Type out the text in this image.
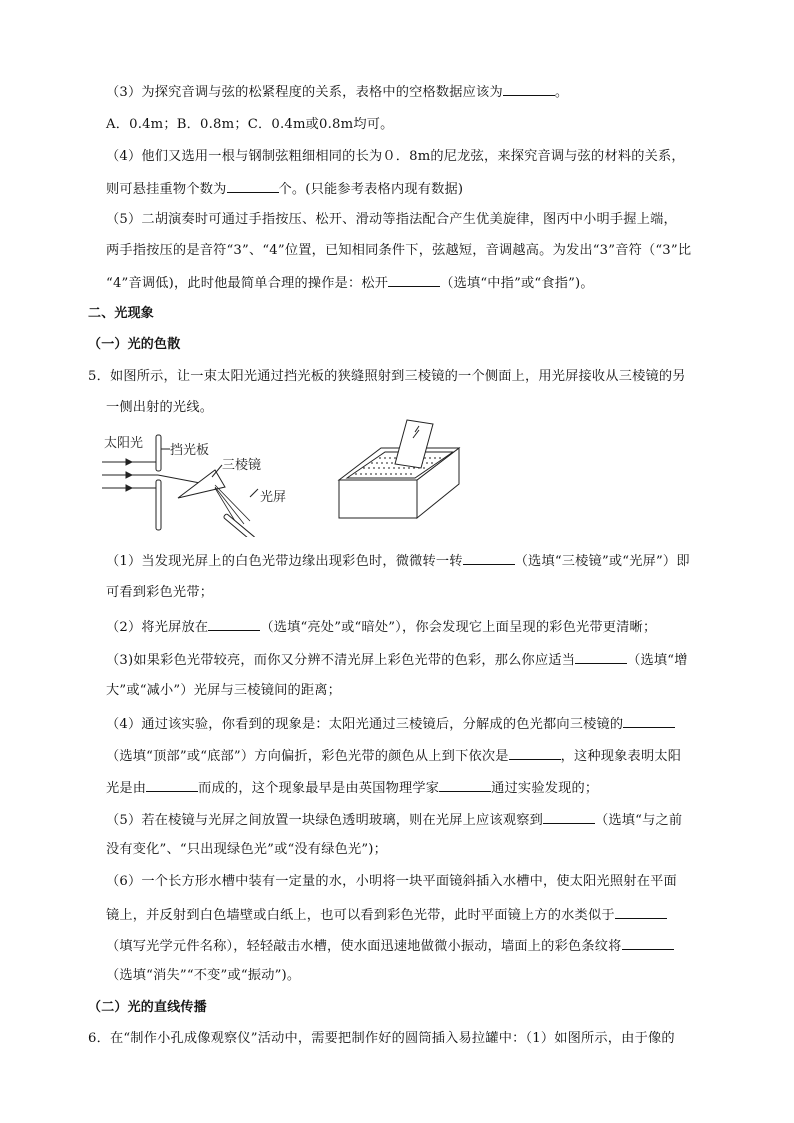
（3）为探究音调与弦的松紧程度的关系，表格中的空格数据应该为	。
A．0.4m；B．0.8m；C．0.4m或0.8m均可。
（4）他们又选用一根与钢制弦粗细相同的长为０．8m的尼龙弦，来探究音调与弦的材料的关系，
则可悬挂重物个数为	个。(只能参考表格内现有数据)
（5）二胡演奏时可通过手指按压、松开、滑动等指法配合产生优美旋律，图丙中小明手握上端，
两手指按压的是音符“3”、“4”位置，已知相同条件下，弦越短，音调越高。为发出“3”音符（“3”比
“4”音调低)，此时他最简单合理的操作是：松开	（选填“中指”或“食指”)。
二、光现象
（一）光的色散
5．如图所示，让一束太阳光通过挡光板的狭缝照射到三棱镜的一个侧面上，用光屏接收从三棱镜的另
一侧出射的光线。
太阳光 挡光板
三棱镜
光屏
（1）当发现光屏上的白色光带边缘出现彩色时，微微转一转	（选填“三棱镜”或“光屏”）即
可看到彩色光带；
（2）将光屏放在	（选填“亮处”或“暗处”），你会发现它上面呈现的彩色光带更清晰；
（3)如果彩色光带较亮，而你又分辨不清光屏上彩色光带的色彩，那么你应适当	（选填“增
大”或“减小”）光屏与三棱镜间的距离；
（4）通过该实验，你看到的现象是：太阳光通过三棱镜后，分解成的色光都向三棱镜的
（选填“顶部”或“底部”）方向偏折，彩色光带的颜色从上到下依次是	，这种现象表明太阳
光是由	而成的，这个现象最早是由英国物理学家	通过实验发现的；
（5）若在棱镜与光屏之间放置一块绿色透明玻璃，则在光屏上应该观察到	（选填“与之前
没有变化”、“只出现绿色光”或“没有绿色光”)；
（6）一个长方形水槽中装有一定量的水，小明将一块平面镜斜插入水槽中，使太阳光照射在平面
镜上，并反射到白色墙壁或白纸上，也可以看到彩色光带，此时平面镜上方的水类似于
（填写光学元件名称），轻轻敲击水槽，使水面迅速地做微小振动，墙面上的彩色条纹将
（选填“消失”“不变”或“振动”)。
（二）光的直线传播
6．在“制作小孔成像观察仪”活动中，需要把制作好的圆筒插入易拉罐中：（1）如图所示，由于像的
